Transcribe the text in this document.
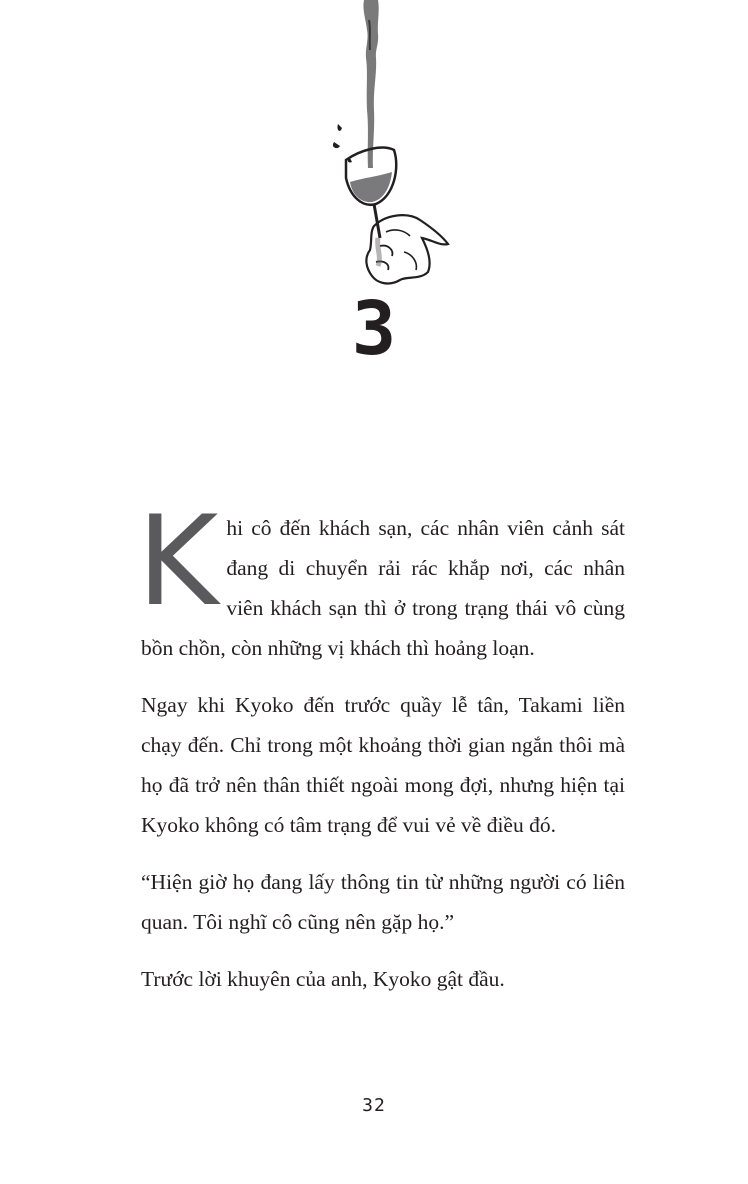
3

Khi cô đến khách sạn, các nhân viên cảnh sát đang di chuyển rải rác khắp nơi, các nhân viên khách sạn thì ở trong trạng thái vô cùng bồn chồn, còn những vị khách thì hoảng loạn.

Ngay khi Kyoko đến trước quầy lễ tân, Takami liền chạy đến. Chỉ trong một khoảng thời gian ngắn thôi mà họ đã trở nên thân thiết ngoài mong đợi, nhưng hiện tại Kyoko không có tâm trạng để vui vẻ về điều đó.

“Hiện giờ họ đang lấy thông tin từ những người có liên quan. Tôi nghĩ cô cũng nên gặp họ.”

Trước lời khuyên của anh, Kyoko gật đầu.

32
